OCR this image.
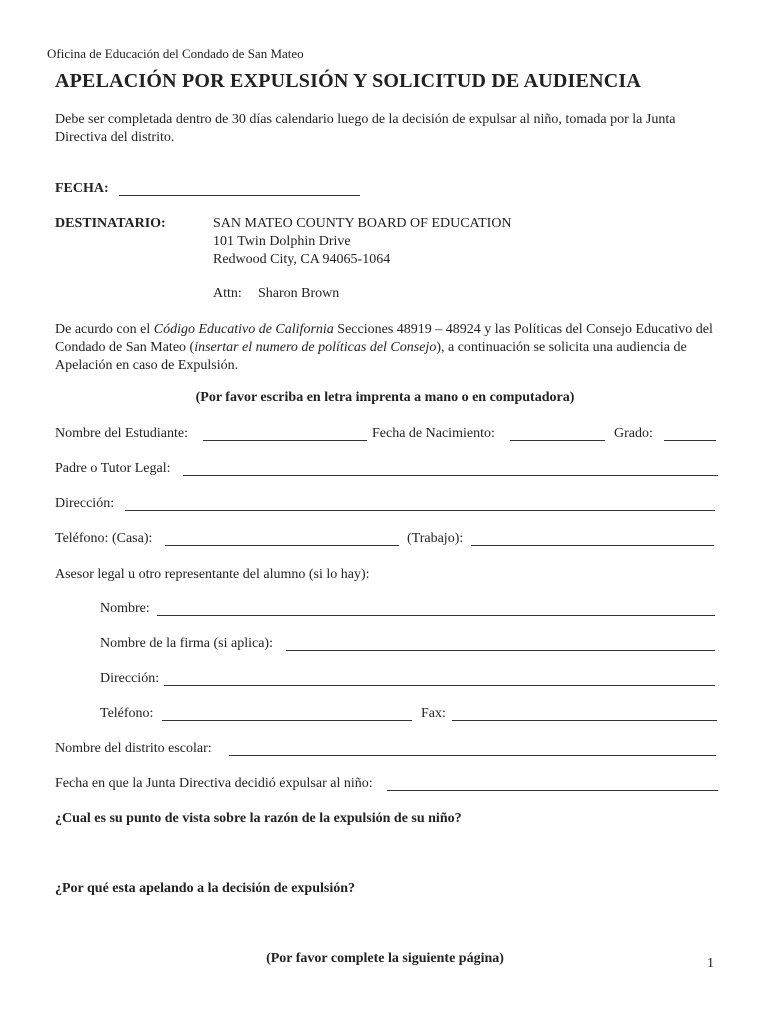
Oficina de Educación del Condado de San Mateo
APELACIÓN POR EXPULSIÓN Y SOLICITUD DE AUDIENCIA
Debe ser completada dentro de 30 días calendario luego de la decisión de expulsar al niño, tomada por la Junta Directiva del distrito.
FECHA:
DESTINATARIO:	SAN MATEO COUNTY BOARD OF EDUCATION
101 Twin Dolphin Drive
Redwood City, CA 94065-1064
Attn: Sharon Brown
De acurdo con el Código Educativo de California Secciones 48919 – 48924 y las Políticas del Consejo Educativo del Condado de San Mateo (insertar el numero de políticas del Consejo), a continuación se solicita una audiencia de Apelación en caso de Expulsión.
(Por favor escriba en letra imprenta a mano o en computadora)
Nombre del Estudiante:	Fecha de Nacimiento:	Grado:
Padre o Tutor Legal:
Dirección:
Teléfono: (Casa):	(Trabajo):
Asesor legal u otro representante del alumno (si lo hay):
Nombre:
Nombre de la firma (si aplica):
Dirección:
Teléfono:	Fax:
Nombre del distrito escolar:
Fecha en que la Junta Directiva decidió expulsar al niño:
¿Cual es su punto de vista sobre la razón de la expulsión de su niño?
¿Por qué esta apelando a la decisión de expulsión?
(Por favor complete la siguiente página)	1
